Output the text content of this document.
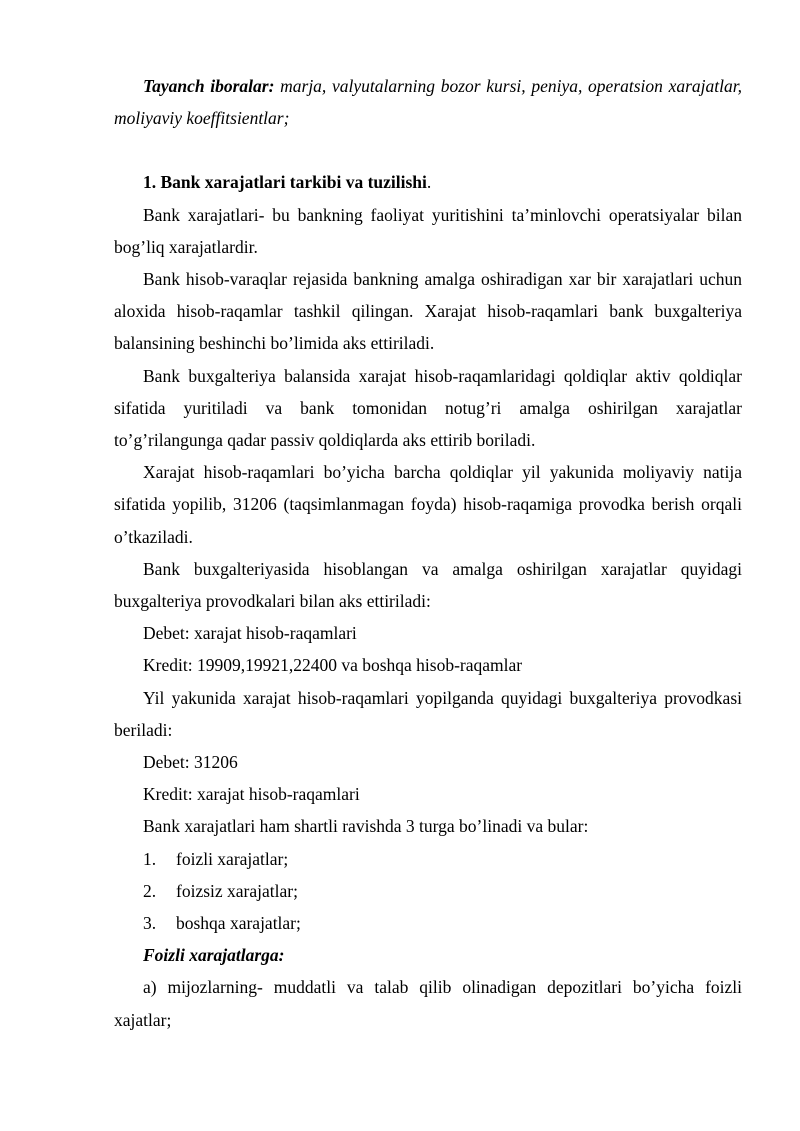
Tayanch iboralar: marja, valyutalarning bozor kursi, peniya, operatsion xarajatlar, moliyaviy koeffitsientlar;

1. Bank xarajatlari tarkibi va tuzilishi.

Bank xarajatlari- bu bankning faoliyat yuritishini ta’minlovchi operatsiyalar bilan bog’liq xarajatlardir.

Bank hisob-varaqlar rejasida bankning amalga oshiradigan xar bir xarajatlari uchun aloxida hisob-raqamlar tashkil qilingan. Xarajat hisob-raqamlari bank buxgalteriya balansining beshinchi bo’limida aks ettiriladi.

Bank buxgalteriya balansida xarajat hisob-raqamlaridagi qoldiqlar aktiv qoldiqlar sifatida yuritiladi va bank tomonidan notug’ri amalga oshirilgan xarajatlar to’g’rilangunga qadar passiv qoldiqlarda aks ettirib boriladi.

Xarajat hisob-raqamlari bo’yicha barcha qoldiqlar yil yakunida moliyaviy natija sifatida yopilib, 31206 (taqsimlanmagan foyda) hisob-raqamiga provodka berish orqali o’tkaziladi.

Bank buxgalteriyasida hisoblangan va amalga oshirilgan xarajatlar quyidagi buxgalteriya provodkalari bilan aks ettiriladi:

Debet: xarajat hisob-raqamlari

Kredit: 19909,19921,22400 va boshqa hisob-raqamlar

Yil yakunida xarajat hisob-raqamlari yopilganda quyidagi buxgalteriya provodkasi beriladi:

Debet: 31206

Kredit: xarajat hisob-raqamlari

Bank xarajatlari ham shartli ravishda 3 turga bo’linadi va bular:

1.	foizli xarajatlar;
2.	foizsiz xarajatlar;
3.	boshqa xarajatlar;

Foizli xarajatlarga:

a) mijozlarning- muddatli va talab qilib olinadigan depozitlari bo’yicha foizli xajatlar;
